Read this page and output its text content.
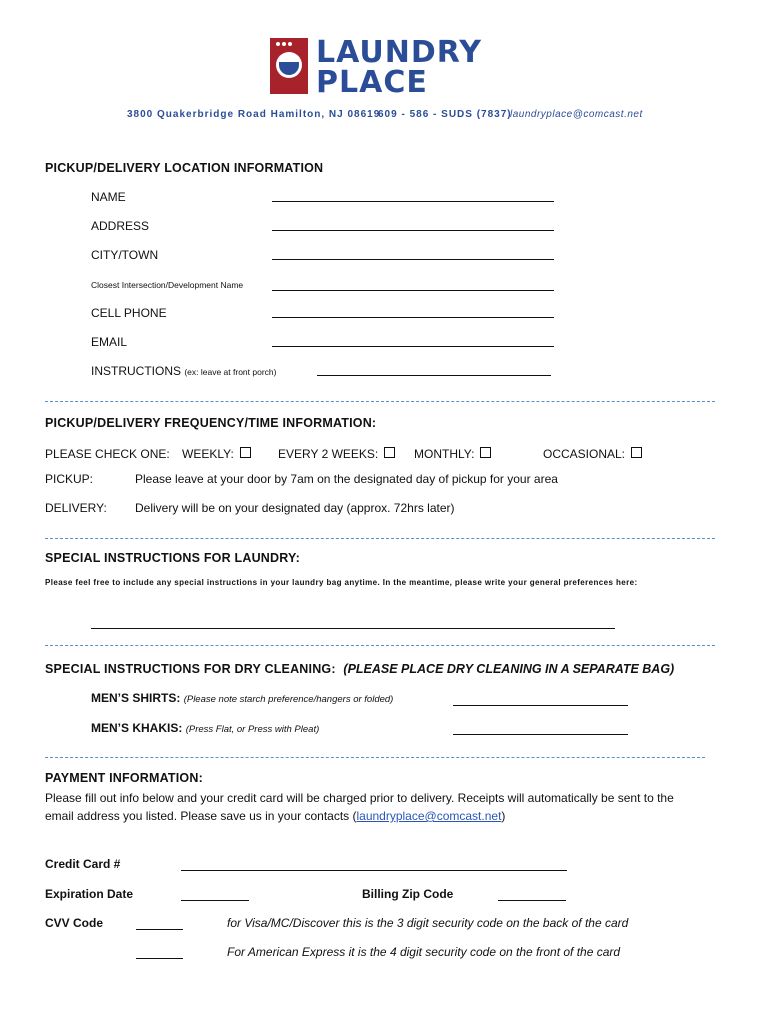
LAUNDRY
PLACE
3800 Quakerbridge Road Hamilton, NJ 08619
609 - 586 - SUDS (7837)
laundryplace@comcast.net
PICKUP/DELIVERY LOCATION INFORMATION
NAME
ADDRESS
CITY/TOWN
Closest Intersection/Development Name
CELL PHONE
EMAIL
INSTRUCTIONS (ex: leave at front porch)
PICKUP/DELIVERY FREQUENCY/TIME INFORMATION:
PLEASE CHECK ONE: WEEKLY:	EVERY 2 WEEKS:	MONTHLY:	OCCASIONAL:
PICKUP:	Please leave at your door by 7am on the designated day of pickup for your area
DELIVERY: Delivery will be on your designated day (approx. 72hrs later)
SPECIAL INSTRUCTIONS FOR LAUNDRY:
Please feel free to include any special instructions in your laundry bag anytime. In the meantime, please write your general preferences here:
SPECIAL INSTRUCTIONS FOR DRY CLEANING: (PLEASE PLACE DRY CLEANING IN A SEPARATE BAG)
MEN’S SHIRTS: (Please note starch preference/hangers or folded)
MEN’S KHAKIS: (Press Flat, or Press with Pleat)
PAYMENT INFORMATION:
Please fill out info below and your credit card will be charged prior to delivery. Receipts will automatically be sent to the
email address you listed. Please save us in your contacts (laundryplace@comcast.net)
Credit Card #
Expiration Date	Billing Zip Code
CVV Code	for Visa/MC/Discover this is the 3 digit security code on the back of the card
For American Express it is the 4 digit security code on the front of the card
